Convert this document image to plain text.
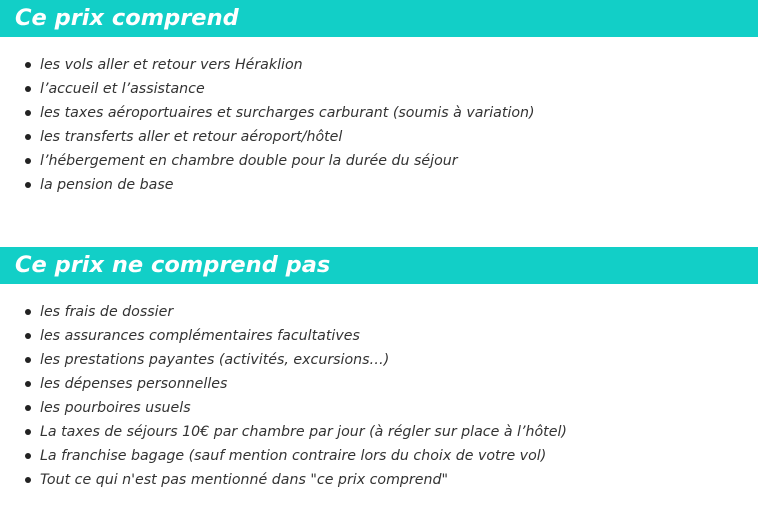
Ce prix comprend
les vols aller et retour vers Héraklion
l’accueil et l’assistance
les taxes aéroportuaires et surcharges carburant (soumis à variation)
les transferts aller et retour aéroport/hôtel
l’hébergement en chambre double pour la durée du séjour
la pension de base
Ce prix ne comprend pas
les frais de dossier
les assurances complémentaires facultatives
les prestations payantes (activités, excursions…)
les dépenses personnelles
les pourboires usuels
La taxes de séjours 10€ par chambre par jour (à régler sur place à l’hôtel)
La franchise bagage (sauf mention contraire lors du choix de votre vol)
Tout ce qui n'est pas mentionné dans "ce prix comprend"
